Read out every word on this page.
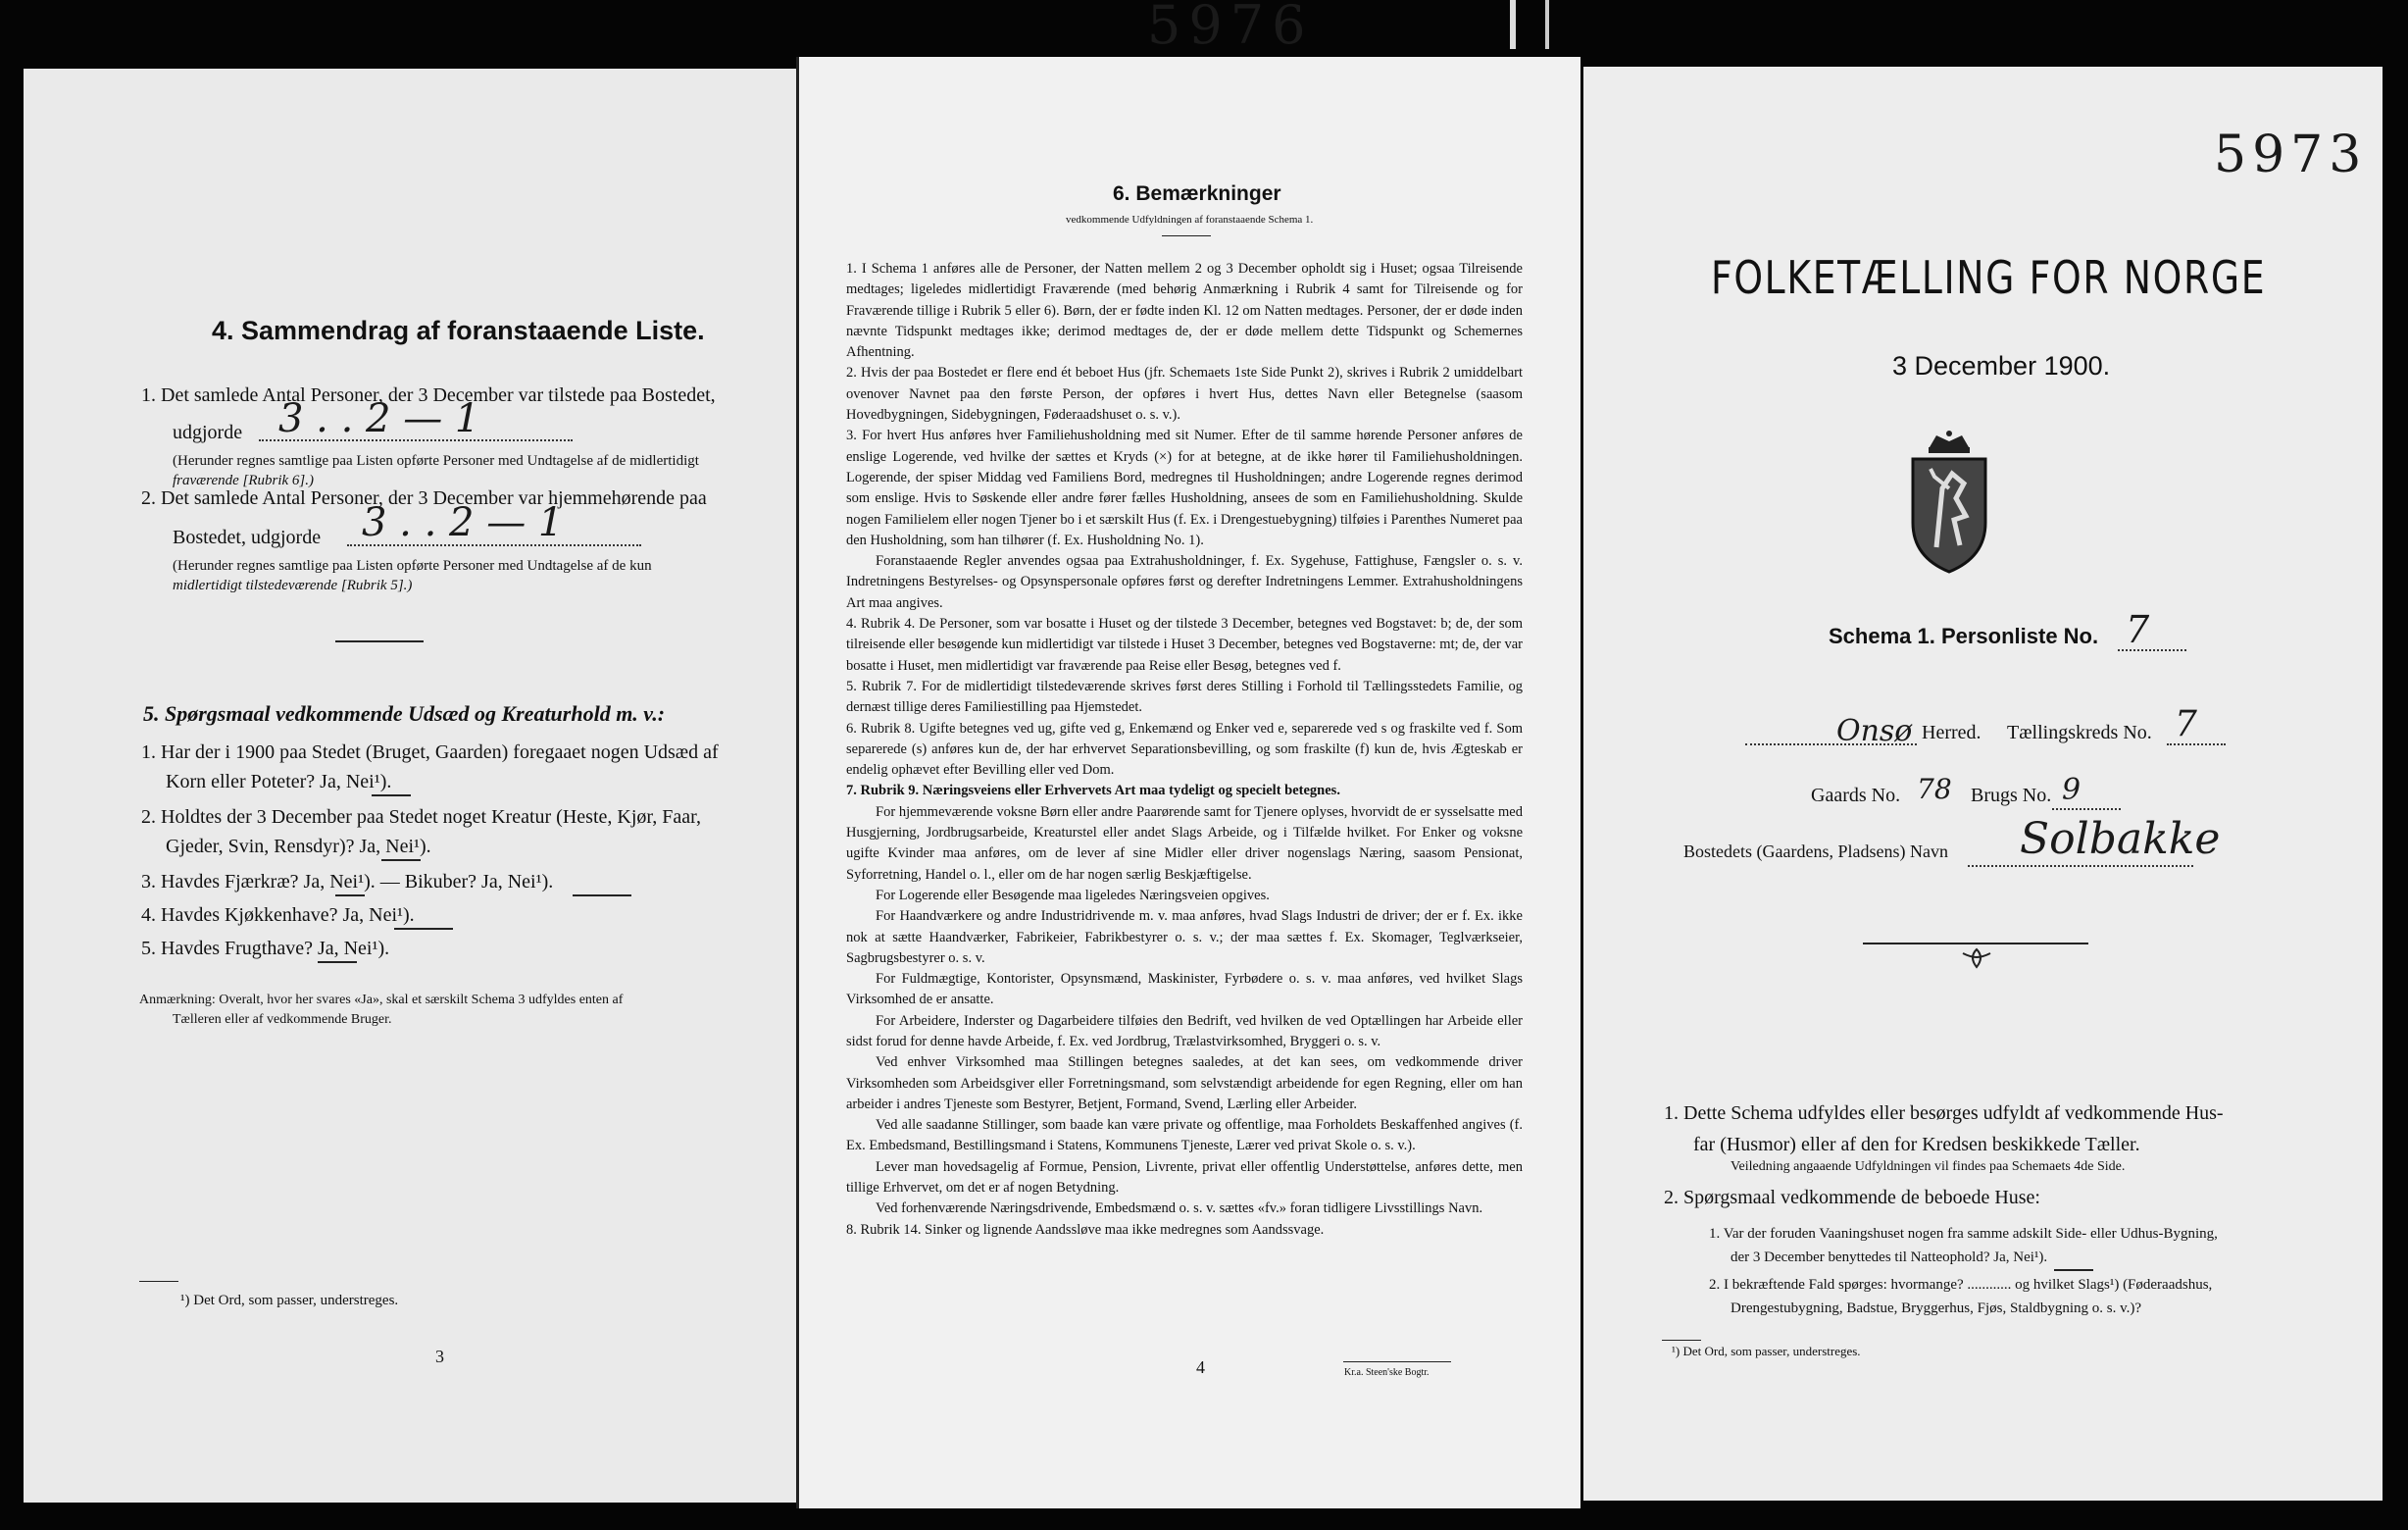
5976
4. Sammendrag af foranstaaende Liste.
1. Det samlede Antal Personer, der 3 December var tilstede paa Bostedet,
udgjorde 3 . . 2 — 1
(Herunder regnes samtlige paa Listen opførte Personer med Undtagelse af de midlertidigt
fraværende [Rubrik 6].)
2. Det samlede Antal Personer, der 3 December var hjemmehørende paa
Bostedet, udgjorde 3 . . 2 — 1
(Herunder regnes samtlige paa Listen opførte Personer med Undtagelse af de kun
midlertidigt tilstedeværende [Rubrik 5].)
5. Spørgsmaal vedkommende Udsæd og Kreaturhold m. v.:
1. Har der i 1900 paa Stedet (Bruget, Gaarden) foregaaet nogen Udsæd af
Korn eller Poteter? Ja, Nei¹).
2. Holdtes der 3 December paa Stedet noget Kreatur (Heste, Kjør, Faar,
Gjeder, Svin, Rensdyr)? Ja, Nei¹).
3. Havdes Fjærkræ? Ja, Nei¹). — Bikuber? Ja, Nei¹).
4. Havdes Kjøkkenhave? Ja, Nei¹).
5. Havdes Frugthave? Ja, Nei¹).
Anmærkning: Overalt, hvor her svares «Ja», skal et særskilt Schema 3 udfyldes enten af
Tælleren eller af vedkommende Bruger.
¹) Det Ord, som passer, understreges.
3
6. Bemærkninger
vedkommende Udfyldningen af foranstaaende Schema 1.
1. I Schema 1 anføres alle de Personer, der Natten mellem 2 og 3 December opholdt sig i Huset; ogsaa Tilreisende medtages; ligeledes midlertidigt Fraværende (med behørig Anmærkning i Rubrik 4 samt for Tilreisende og for Fraværende tillige i Rubrik 5 eller 6). Børn, der er fødte inden Kl. 12 om Natten medtages. Personer, der er døde inden nævnte Tidspunkt medtages ikke; derimod medtages de, der er døde mellem dette Tidspunkt og Schemernes Afhentning.
2. Hvis der paa Bostedet er flere end ét beboet Hus (jfr. Schemaets 1ste Side Punkt 2), skrives i Rubrik 2 umiddelbart ovenover Navnet paa den første Person, der opføres i hvert Hus, dettes Navn eller Betegnelse (saasom Hovedbygningen, Sidebygningen, Føderaadshuset o. s. v.).
3. For hvert Hus anføres hver Familiehusholdning med sit Numer. Efter de til samme hørende Personer anføres de enslige Logerende, ved hvilke der sættes et Kryds (×) for at betegne, at de ikke hører til Familiehusholdningen. Logerende, der spiser Middag ved Familiens Bord, medregnes til Husholdningen; andre Logerende regnes derimod som enslige. Hvis to Søskende eller andre fører fælles Husholdning, ansees de som en Familiehusholdning. Skulde nogen Familielem eller nogen Tjener bo i et særskilt Hus (f. Ex. i Drengestuebygning) tilføies i Parenthes Numeret paa den Husholdning, som han tilhører (f. Ex. Husholdning No. 1).
Foranstaaende Regler anvendes ogsaa paa Extrahusholdninger, f. Ex. Sygehuse, Fattighuse, Fængsler o. s. v. Indretningens Bestyrelses- og Opsynspersonale opføres først og derefter Indretningens Lemmer. Extrahusholdningens Art maa angives.
4. Rubrik 4. De Personer, som var bosatte i Huset og der tilstede 3 December, betegnes ved Bogstavet: b; de, der som tilreisende eller besøgende kun midlertidigt var tilstede i Huset 3 December, betegnes ved Bogstaverne: mt; de, der var bosatte i Huset, men midlertidigt var fraværende paa Reise eller Besøg, betegnes ved f.
5. Rubrik 7. For de midlertidigt tilstedeværende skrives først deres Stilling i Forhold til Tællingsstedets Familie, og dernæst tillige deres Familiestilling paa Hjemstedet.
6. Rubrik 8. Ugifte betegnes ved ug, gifte ved g, Enkemænd og Enker ved e, separerede ved s og fraskilte ved f. Som separerede (s) anføres kun de, der har erhvervet Separationsbevilling, og som fraskilte (f) kun de, hvis Ægteskab er endelig ophævet efter Bevilling eller ved Dom.
7. Rubrik 9. Næringsveiens eller Erhvervets Art maa tydeligt og specielt betegnes.
For hjemmeværende voksne Børn eller andre Paarørende samt for Tjenere oplyses, hvorvidt de er sysselsatte med Husgjerning, Jordbrugsarbeide, Kreaturstel eller andet Slags Arbeide, og i Tilfælde hvilket. For Enker og voksne ugifte Kvinder maa anføres, om de lever af sine Midler eller driver nogenslags Næring, saasom Pensionat, Syforretning, Handel o. l., eller om de har nogen særlig Beskjæftigelse.
For Logerende eller Besøgende maa ligeledes Næringsveien opgives.
For Haandværkere og andre Industridrivende m. v. maa anføres, hvad Slags Industri de driver; der er f. Ex. ikke nok at sætte Haandværker, Fabrikeier, Fabrikbestyrer o. s. v.; der maa sættes f. Ex. Skomager, Teglværkseier, Sagbrugsbestyrer o. s. v.
For Fuldmægtige, Kontorister, Opsynsmænd, Maskinister, Fyrbødere o. s. v. maa anføres, ved hvilket Slags Virksomhed de er ansatte.
For Arbeidere, Inderster og Dagarbeidere tilføies den Bedrift, ved hvilken de ved Optællingen har Arbeide eller sidst forud for denne havde Arbeide, f. Ex. ved Jordbrug, Trælastvirksomhed, Bryggeri o. s. v.
Ved enhver Virksomhed maa Stillingen betegnes saaledes, at det kan sees, om vedkommende driver Virksomheden som Arbeidsgiver eller Forretningsmand, som selvstændigt arbeidende for egen Regning, eller om han arbeider i andres Tjeneste som Bestyrer, Betjent, Formand, Svend, Lærling eller Arbeider.
Ved alle saadanne Stillinger, som baade kan være private og offentlige, maa Forholdets Beskaffenhed angives (f. Ex. Embedsmand, Bestillingsmand i Statens, Kommunens Tjeneste, Lærer ved privat Skole o. s. v.).
Lever man hovedsagelig af Formue, Pension, Livrente, privat eller offentlig Understøttelse, anføres dette, men tillige Erhvervet, om det er af nogen Betydning.
Ved forhenværende Næringsdrivende, Embedsmænd o. s. v. sættes «fv.» foran tidligere Livsstillings Navn.
8. Rubrik 14. Sinker og lignende Aandssløve maa ikke medregnes som Aandssvage.
4	Kr.a. Steen'ske Bogtr.
5973
FOLKETÆLLING FOR NORGE
3 December 1900.
Schema 1. Personliste No. 7
Onsø Herred. Tællingskreds No. 7
Gaards No. 78 Brugs No. 9
Bostedets (Gaardens, Pladsens) Navn Solbakke
1. Dette Schema udfyldes eller besørges udfyldt af vedkommende Hus-
far (Husmor) eller af den for Kredsen beskikkede Tæller.
Veiledning angaaende Udfyldningen vil findes paa Schemaets 4de Side.
2. Spørgsmaal vedkommende de beboede Huse:
1. Var der foruden Vaaningshuset nogen fra samme adskilt Side- eller Udhus-Bygning,
der 3 December benyttedes til Natteophold? Ja, Nei¹).
2. I bekræftende Fald spørges: hvormange? ............ og hvilket Slags¹) (Føderaadshus,
Drengestubygning, Badstue, Bryggerhus, Fjøs, Staldbygning o. s. v.)?
¹) Det Ord, som passer, understreges.
